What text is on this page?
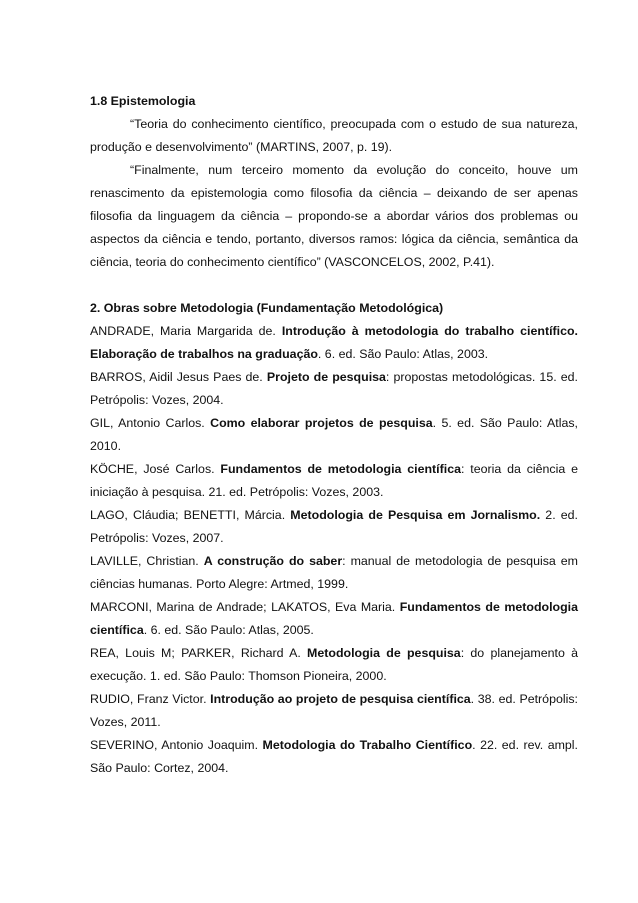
1.8 Epistemologia

“Teoria do conhecimento científico, preocupada com o estudo de sua natureza, produção e desenvolvimento” (MARTINS, 2007, p. 19).

“Finalmente, num terceiro momento da evolução do conceito, houve um renascimento da epistemologia como filosofia da ciência – deixando de ser apenas filosofia da linguagem da ciência – propondo-se a abordar vários dos problemas ou aspectos da ciência e tendo, portanto, diversos ramos: lógica da ciência, semântica da ciência, teoria do conhecimento científico” (VASCONCELOS, 2002, P.41).

2. Obras sobre Metodologia (Fundamentação Metodológica)

ANDRADE, Maria Margarida de. Introdução à metodologia do trabalho científico. Elaboração de trabalhos na graduação. 6. ed. São Paulo: Atlas, 2003.

BARROS, Aidil Jesus Paes de. Projeto de pesquisa: propostas metodológicas. 15. ed. Petrópolis: Vozes, 2004.

GIL, Antonio Carlos. Como elaborar projetos de pesquisa. 5. ed. São Paulo: Atlas, 2010.

KÖCHE, José Carlos. Fundamentos de metodologia científica: teoria da ciência e iniciação à pesquisa. 21. ed. Petrópolis: Vozes, 2003.

LAGO, Cláudia; BENETTI, Márcia. Metodologia de Pesquisa em Jornalismo. 2. ed. Petrópolis: Vozes, 2007.

LAVILLE, Christian. A construção do saber: manual de metodologia de pesquisa em ciências humanas. Porto Alegre: Artmed, 1999.

MARCONI, Marina de Andrade; LAKATOS, Eva Maria. Fundamentos de metodologia científica. 6. ed. São Paulo: Atlas, 2005.

REA, Louis M; PARKER, Richard A. Metodologia de pesquisa: do planejamento à execução. 1. ed. São Paulo: Thomson Pioneira, 2000.

RUDIO, Franz Victor. Introdução ao projeto de pesquisa científica. 38. ed. Petrópolis: Vozes, 2011.

SEVERINO, Antonio Joaquim. Metodologia do Trabalho Científico. 22. ed. rev. ampl. São Paulo: Cortez, 2004.
